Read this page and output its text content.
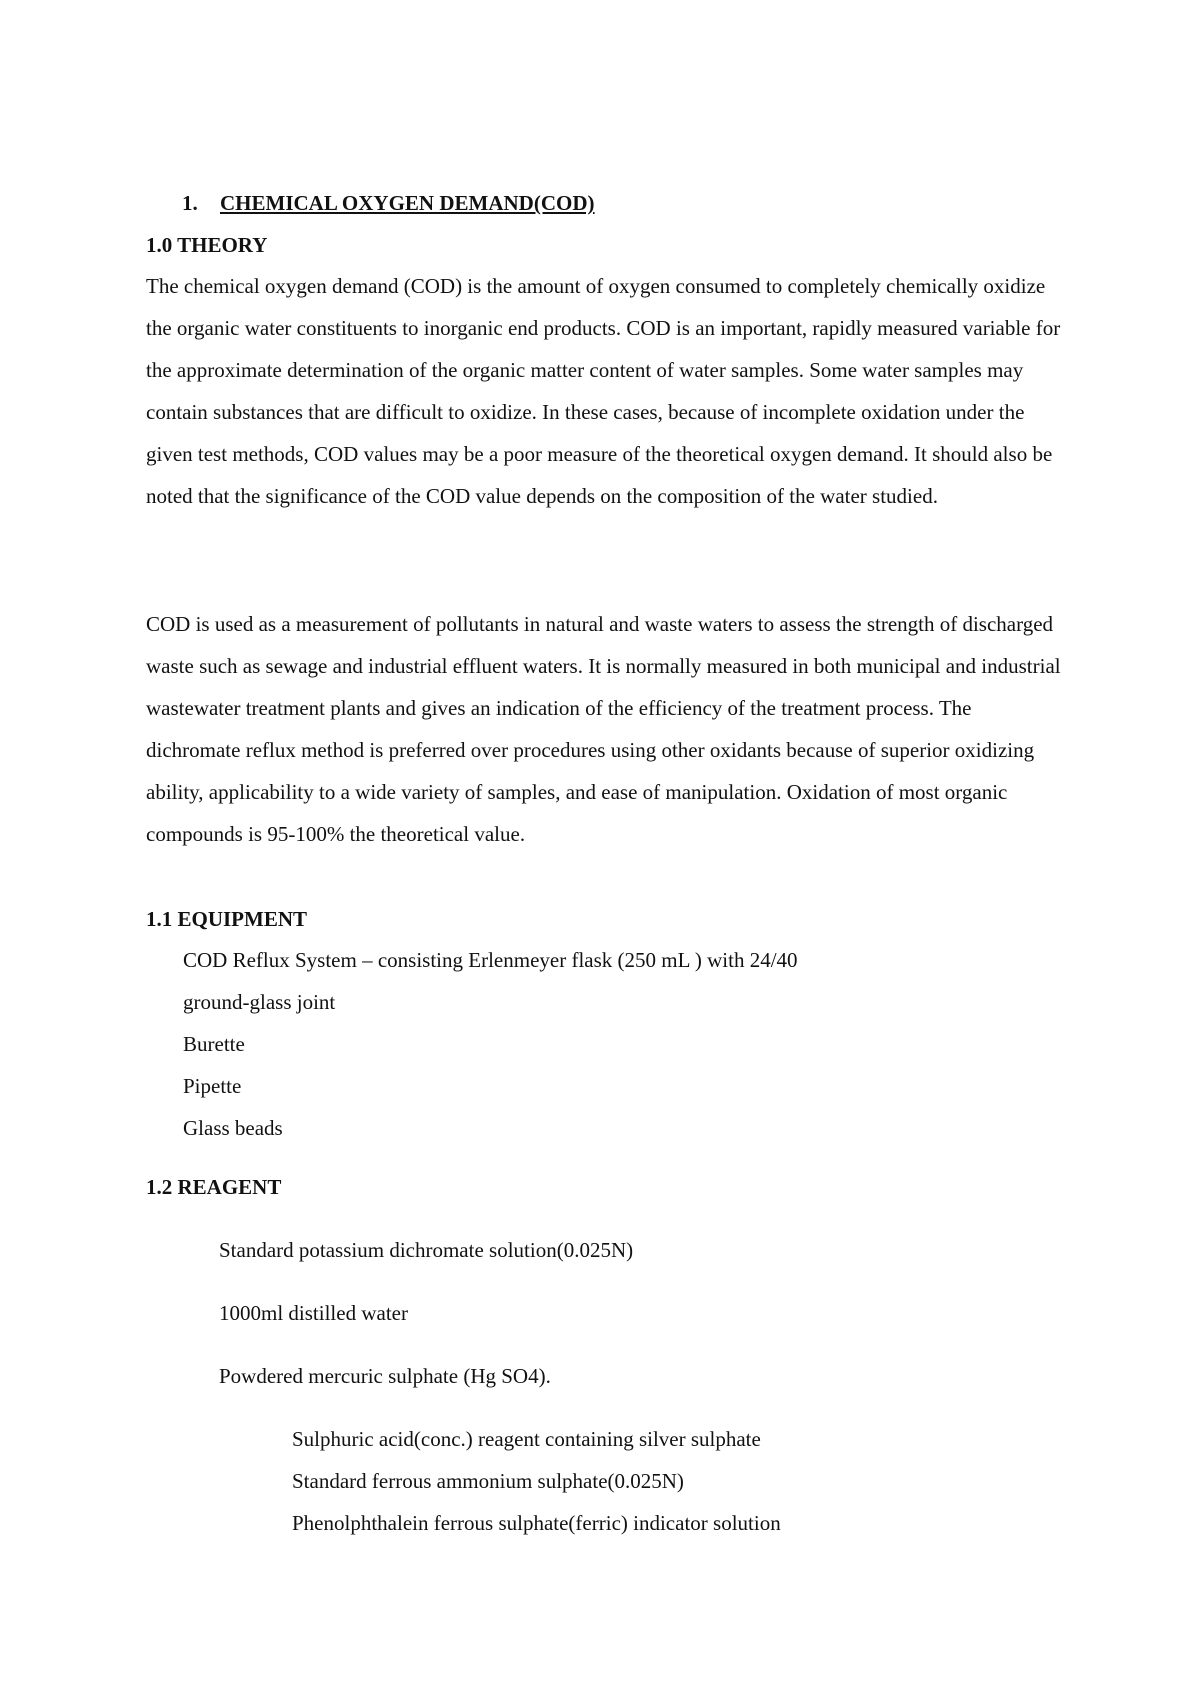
1. CHEMICAL OXYGEN DEMAND(COD)
1.0 THEORY

The chemical oxygen demand (COD) is the amount of oxygen consumed to completely chemically oxidize the organic water constituents to inorganic end products. COD is an important, rapidly measured variable for the approximate determination of the organic matter content of water samples. Some water samples may contain substances that are difficult to oxidize. In these cases, because of incomplete oxidation under the given test methods, COD values may be a poor measure of the theoretical oxygen demand. It should also be noted that the significance of the COD value depends on the composition of the water studied.

COD is used as a measurement of pollutants in natural and waste waters to assess the strength of discharged waste such as sewage and industrial effluent waters. It is normally measured in both municipal and industrial wastewater treatment plants and gives an indication of the efficiency of the treatment process. The dichromate reflux method is preferred over procedures using other oxidants because of superior oxidizing ability, applicability to a wide variety of samples, and ease of manipulation. Oxidation of most organic compounds is 95-100% the theoretical value.

1.1 EQUIPMENT
COD Reflux System – consisting Erlenmeyer flask (250 mL ) with 24/40
ground-glass joint
Burette
Pipette
Glass beads
1.2 REAGENT
Standard potassium dichromate solution(0.025N)
1000ml distilled water
Powdered mercuric sulphate (Hg SO4).
Sulphuric acid(conc.) reagent containing silver sulphate
Standard ferrous ammonium sulphate(0.025N)
Phenolphthalein ferrous sulphate(ferric) indicator solution
